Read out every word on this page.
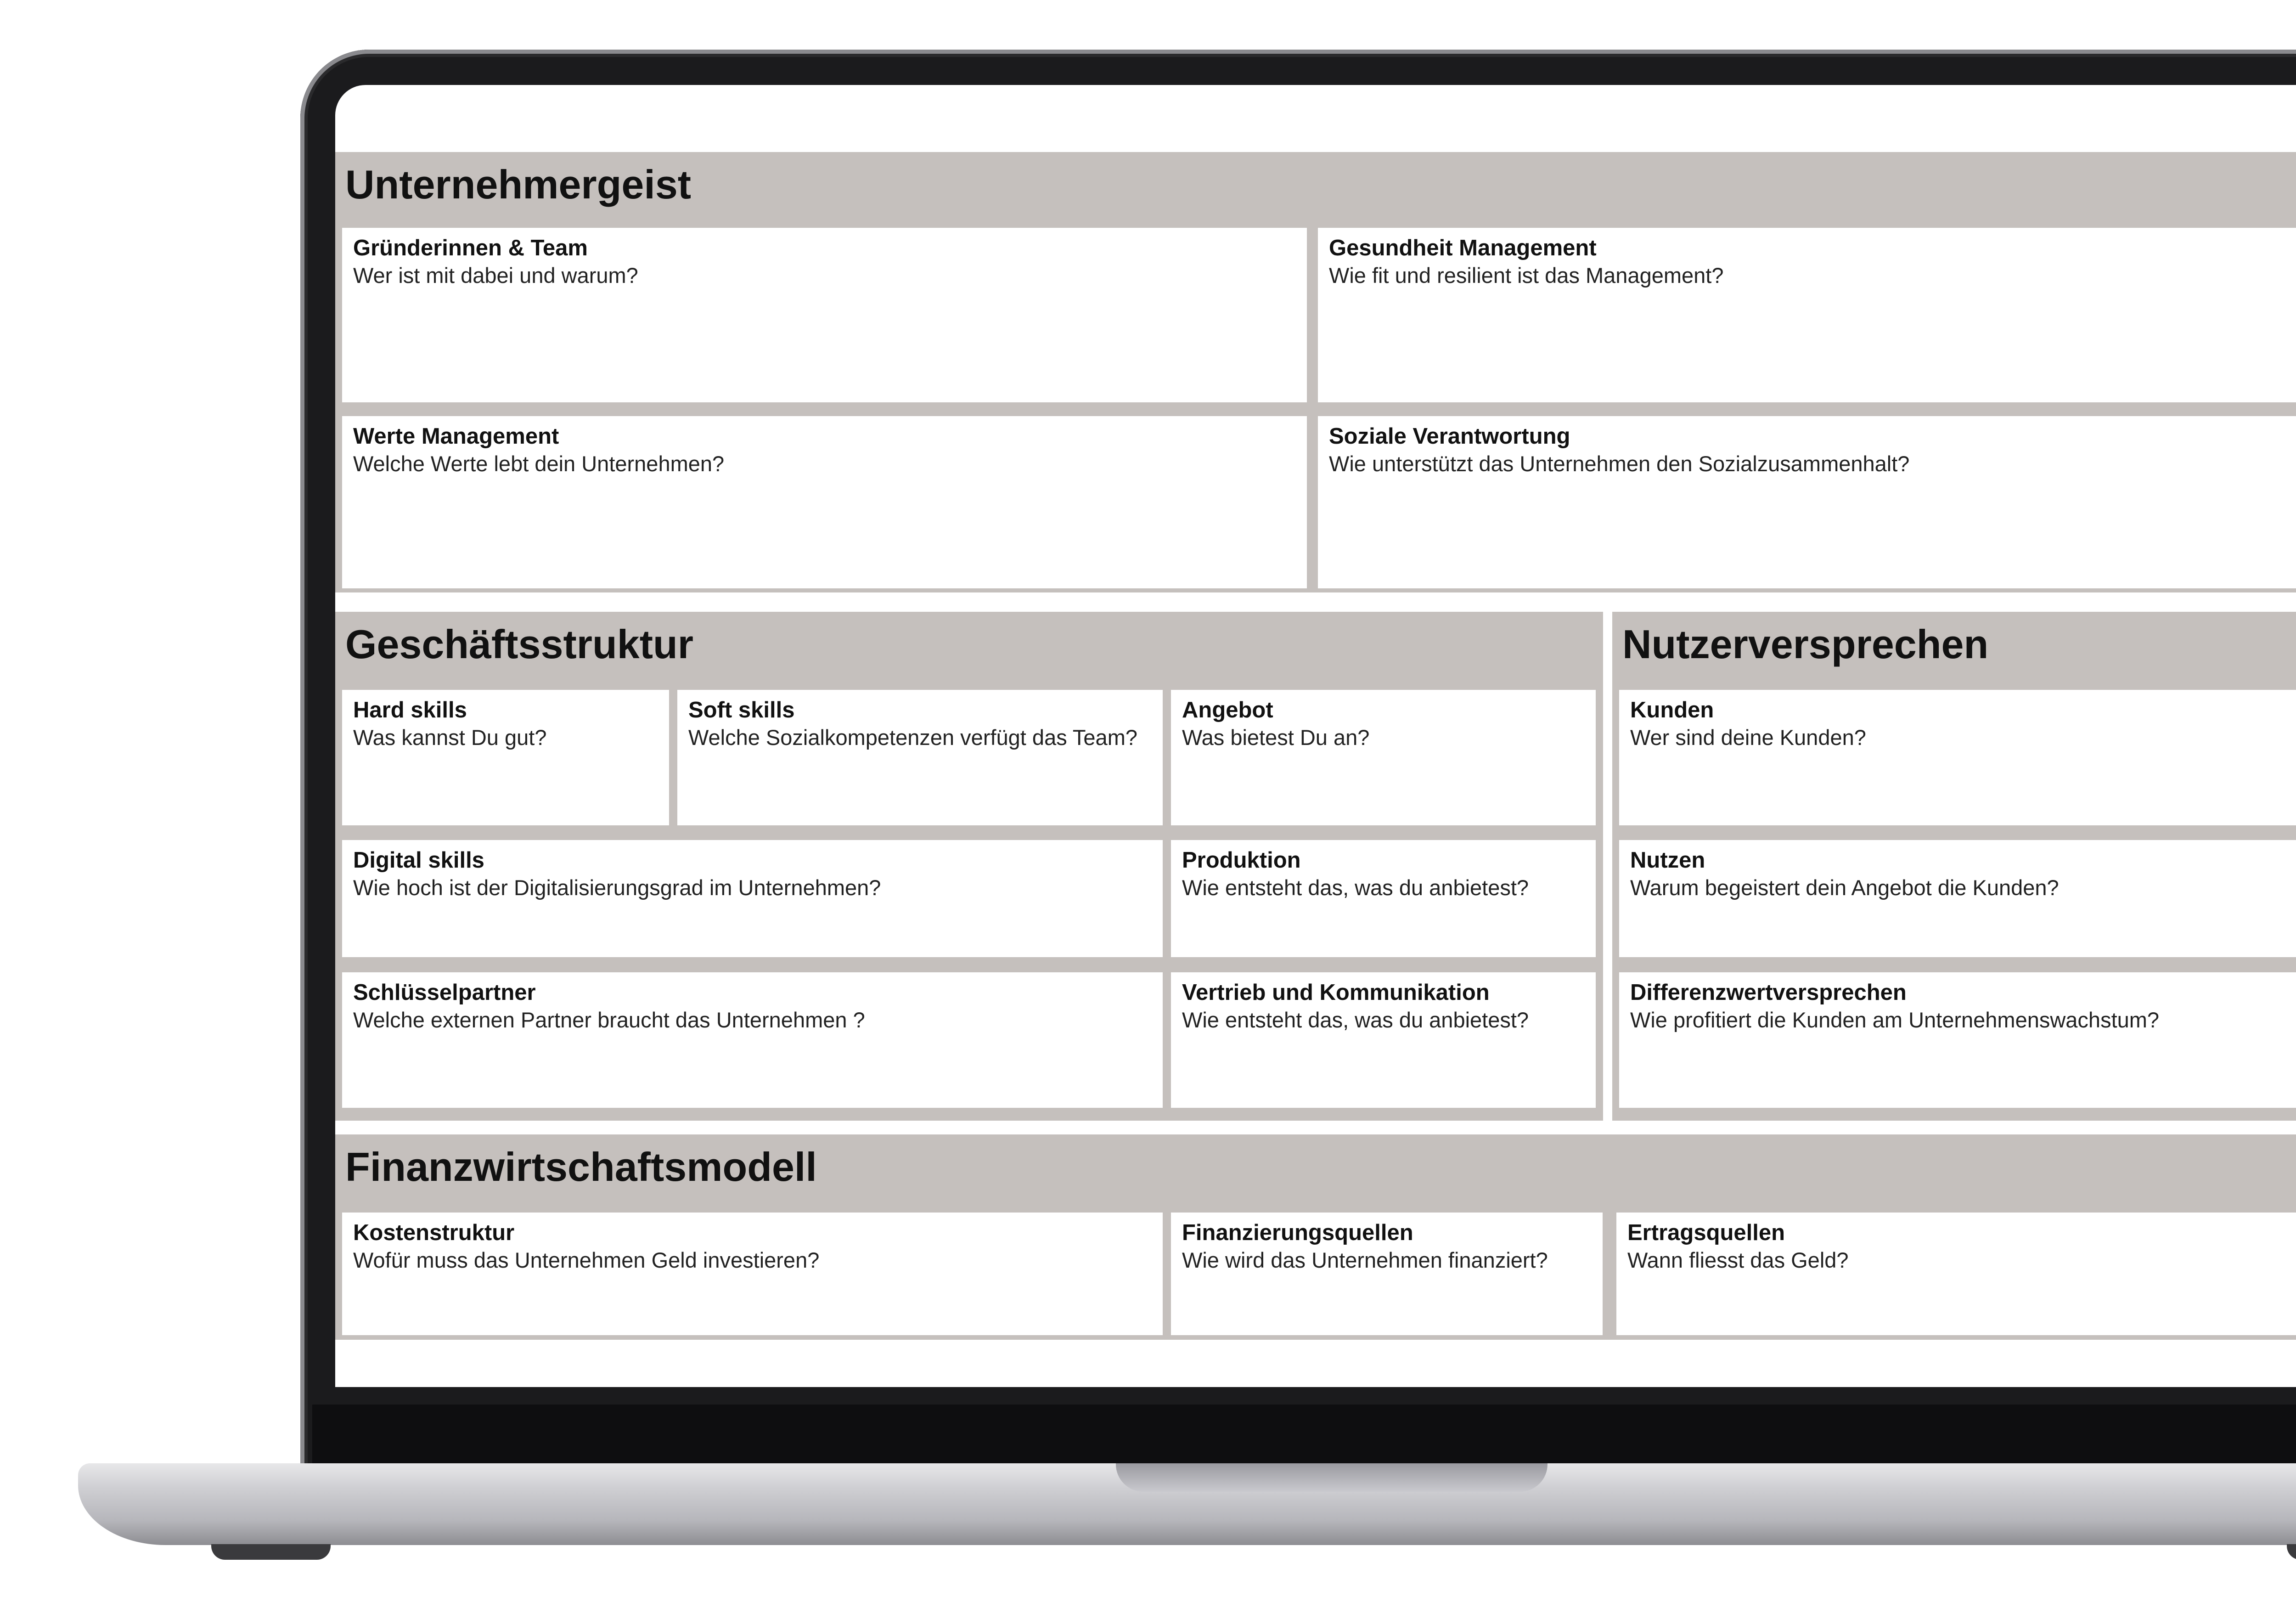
Unternehmergeist

Gründerinnen & Team

Wer ist mit dabei und warum?

Gesundheit Management

Wie fit und resilient ist das Management?

Werte Management

Welche Werte lebt dein Unternehmen?

Soziale Verantwortung

Wie unterstützt das Unternehmen den Sozialzusammenhalt?

Geschäftsstruktur

Hard skills

Was kannst Du gut?

Soft skills

Welche Sozialkompetenzen verfügt das Team?

Angebot

Was bietest Du an?

Digital skills

Wie hoch ist der Digitalisierungsgrad im Unternehmen?

Produktion

Wie entsteht das, was du anbietest?

Schlüsselpartner

Welche externen Partner braucht das Unternehmen ?

Vertrieb und Kommunikation

Wie entsteht das, was du anbietest?

Nutzerversprechen

Kunden

Wer sind deine Kunden?

Nutzen

Warum begeistert dein Angebot die Kunden?

Differenzwertversprechen

Wie profitiert die Kunden am Unternehmenswachstum?

Finanzwirtschaftsmodell

Kostenstruktur

Wofür muss das Unternehmen Geld investieren?

Finanzierungsquellen

Wie wird das Unternehmen finanziert?

Ertragsquellen

Wann fliesst das Geld?
